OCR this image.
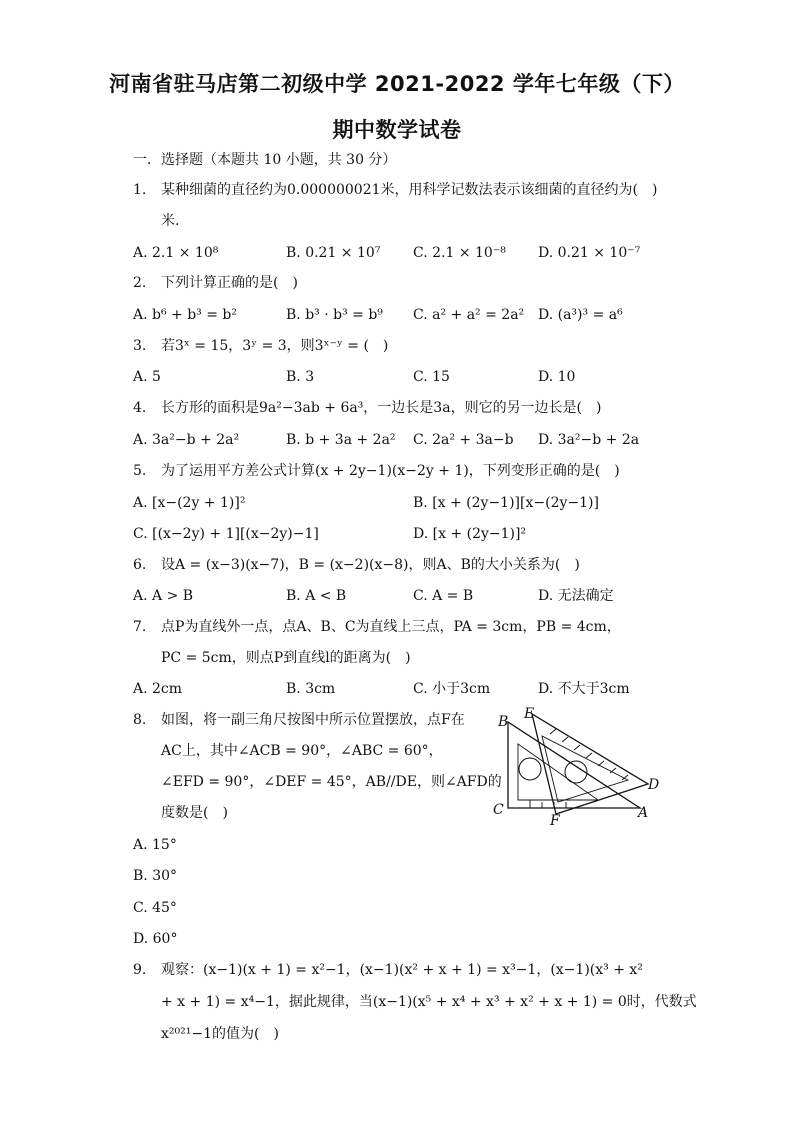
河南省驻马店第二初级中学 2021-2022 学年七年级（下）
期中数学试卷
一．选择题（本题共 10 小题，共 30 分）
1. 某种细菌的直径约为0.00000002​1米，用科学记数法表示该细菌的直径约为(　)
米.
A. 2.1 × 10⁸	B. 0.21 × 10⁷ C. 2.1 × 10⁻⁸ D. 0.21 × 10⁻⁷
2. 下列计算正确的是(　)
A. b⁶ + b³ = b²	B. b³ · b³ = b⁹ C. a² + a² = 2a² D. (a³)³ = a⁶
3. 若3ˣ = 15，3ʸ = 3，则3ˣ⁻ʸ = (　)
A. 5	B. 3	C. 15	D. 10
4. 长方形的面积是9a²−3ab + 6a³，一边长是3a，则它的另一边长是(　)
A. 3a²−b + 2a²	B. b + 3a + 2a² C. 2a² + 3a−b D. 3a²−b + 2a
5. 为了运用平方差公式计算(x + 2y−1)(x−2y + 1)，下列变形正确的是(　)
A. [x−(2y + 1)]²	B. [x + (2y−1)][x−(2y−1)]
C. [(x−2y) + 1][(x−2y)−1]	D. [x + (2y−1)]²
6. 设A = (x−3)(x−7)，B = (x−2)(x−8)，则A、B的大小关系为(　)
A. A > B	B. A < B	C. A = B	D. 无法确定
7. 点P为直线外一点，点A、B、C为直线上三点，PA = 3cm，PB = 4cm，
PC = 5cm，则点P到直线l的距离为(　)
A. 2cm	B. 3cm	C. 小于3cm	D. 不大于3cm
8. 如图，将一副三角尺按图中所示位置摆放，点F在
AC上，其中∠ACB = 90°，∠ABC = 60°，
∠EFD = 90°，∠DEF = 45°，AB//DE，则∠AFD的
度数是(　)
A. 15°
B. 30°
C. 45°
D. 60°
B E
C
F	A
D
9. 观察：(x−1)(x + 1) = x²−1，(x−1)(x² + x + 1) = x³−1，(x−1)(x³ + x²
+ x + 1) = x⁴−1，据此规律，当(x−1)(x⁵ + x⁴ + x³ + x² + x + 1) = 0时，代数式
x²⁰²¹−1的值为(　)
